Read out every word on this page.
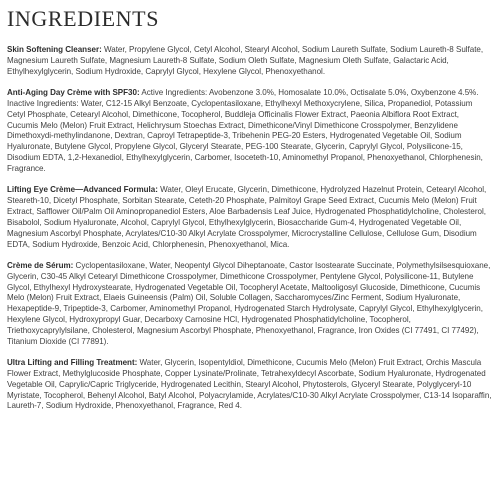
INGREDIENTS

Skin Softening Cleanser: Water, Propylene Glycol, Cetyl Alcohol, Stearyl Alcohol, Sodium Laureth Sulfate, Sodium Laureth-8 Sulfate, Magnesium Laureth Sulfate, Magnesium Laureth-8 Sulfate, Sodium Oleth Sulfate, Magnesium Oleth Sulfate, Galactaric Acid, Ethylhexylglycerin, Sodium Hydroxide, Caprylyl Glycol, Hexylene Glycol, Phenoxyethanol.

Anti-Aging Day Crème with SPF30: Active Ingredients: Avobenzone 3.0%, Homosalate 10.0%, Octisalate 5.0%, Oxybenzone 4.5%. Inactive Ingredients: Water, C12-15 Alkyl Benzoate, Cyclopentasiloxane, Ethylhexyl Methoxycrylene, Silica, Propanediol, Potassium Cetyl Phosphate, Cetearyl Alcohol, Dimethicone, Tocopherol, Buddleja Officinalis Flower Extract, Paeonia Albiflora Root Extract, Cucumis Melo (Melon) Fruit Extract, Helichrysum Stoechas Extract, Dimethicone/Vinyl Dimethicone Crosspolymer, Benzylidene Dimethoxydi-methylindanone, Dextran, Caproyl Tetrapeptide-3, Tribehenin PEG-20 Esters, Hydrogenated Vegetable Oil, Sodium Hyaluronate, Butylene Glycol, Propylene Glycol, Glyceryl Stearate, PEG-100 Stearate, Glycerin, Caprylyl Glycol, Polysilicone-15, Disodium EDTA, 1,2-Hexanediol, Ethylhexylglycerin, Carbomer, Isoceteth-10, Aminomethyl Propanol, Phenoxyethanol, Chlorphenesin, Fragrance.

Lifting Eye Crème—Advanced Formula: Water, Oleyl Erucate, Glycerin, Dimethicone, Hydrolyzed Hazelnut Protein, Cetearyl Alcohol, Steareth-10, Dicetyl Phosphate, Sorbitan Stearate, Ceteth-20 Phosphate, Palmitoyl Grape Seed Extract, Cucumis Melo (Melon) Fruit Extract, Safflower Oil/Palm Oil Aminopropanediol Esters, Aloe Barbadensis Leaf Juice, Hydrogenated Phosphatidylcholine, Cholesterol, Bisabolol, Sodium Hyaluronate, Alcohol, Caprylyl Glycol, Ethylhexylglycerin, Biosaccharide Gum-4, Hydrogenated Vegetable Oil, Magnesium Ascorbyl Phosphate, Acrylates/C10-30 Alkyl Acrylate Crosspolymer, Microcrystalline Cellulose, Cellulose Gum, Disodium EDTA, Sodium Hydroxide, Benzoic Acid, Chlorphenesin, Phenoxyethanol, Mica.

Crème de Sérum: Cyclopentasiloxane, Water, Neopentyl Glycol Diheptanoate, Castor Isostearate Succinate, Polymethylsilsesquioxane, Glycerin, C30-45 Alkyl Cetearyl Dimethicone Crosspolymer, Dimethicone Crosspolymer, Pentylene Glycol, Polysilicone-11, Butylene Glycol, Ethylhexyl Hydroxystearate, Hydrogenated Vegetable Oil, Tocopheryl Acetate, Maltooligosyl Glucoside, Dimethicone, Cucumis Melo (Melon) Fruit Extract, Elaeis Guineensis (Palm) Oil, Soluble Collagen, Saccharomyces/Zinc Ferment, Sodium Hyaluronate, Hexapeptide-9, Tripeptide-3, Carbomer, Aminomethyl Propanol, Hydrogenated Starch Hydrolysate, Caprylyl Glycol, Ethylhexylglycerin, Hexylene Glycol, Hydroxypropyl Guar, Decarboxy Carnosine HCl, Hydrogenated Phosphatidylcholine, Tocopherol, Triethoxycaprylylsilane, Cholesterol, Magnesium Ascorbyl Phosphate, Phenoxyethanol, Fragrance, Iron Oxides (CI 77491, CI 77492), Titanium Dioxide (CI 77891).

Ultra Lifting and Filling Treatment: Water, Glycerin, Isopentyldiol, Dimethicone, Cucumis Melo (Melon) Fruit Extract, Orchis Mascula Flower Extract, Methylglucoside Phosphate, Copper Lysinate/Prolinate, Tetrahexyldecyl Ascorbate, Sodium Hyaluronate, Hydrogenated Vegetable Oil, Caprylic/Capric Triglyceride, Hydrogenated Lecithin, Stearyl Alcohol, Phytosterols, Glyceryl Stearate, Polyglyceryl-10 Myristate, Tocopherol, Behenyl Alcohol, Batyl Alcohol, Polyacrylamide, Acrylates/C10-30 Alkyl Acrylate Crosspolymer, C13-14 Isoparaffin, Laureth-7, Sodium Hydroxide, Phenoxyethanol, Fragrance, Red 4.
